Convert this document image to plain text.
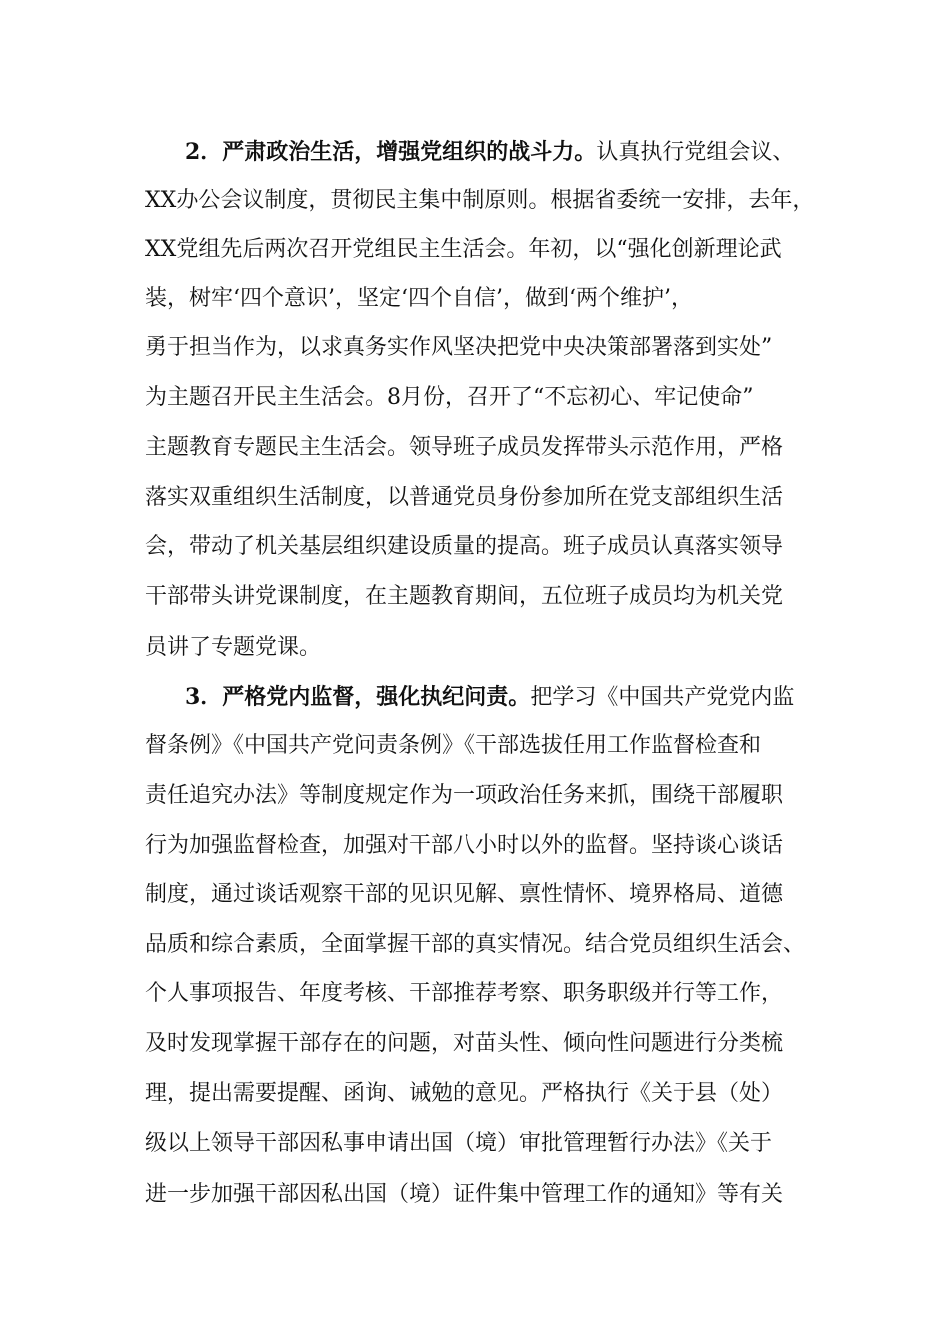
2．严肃政治生活，增强党组织的战斗力。认真执行党组会议、
XX办公会议制度，贯彻民主集中制原则。根据省委统一安排，去年，
XX党组先后两次召开党组民主生活会。年初，以“强化创新理论武
装，树牢‘四个意识’，坚定‘四个自信’，做到‘两个维护’，
勇于担当作为，以求真务实作风坚决把党中央决策部署落到实处”
为主题召开民主生活会。8月份，召开了“不忘初心、牢记使命”
主题教育专题民主生活会。领导班子成员发挥带头示范作用，严格
落实双重组织生活制度，以普通党员身份参加所在党支部组织生活
会，带动了机关基层组织建设质量的提高。班子成员认真落实领导
干部带头讲党课制度，在主题教育期间，五位班子成员均为机关党
员讲了专题党课。
3．严格党内监督，强化执纪问责。把学习《中国共产党党内监
督条例》《中国共产党问责条例》《干部选拔任用工作监督检查和
责任追究办法》等制度规定作为一项政治任务来抓，围绕干部履职
行为加强监督检查，加强对干部八小时以外的监督。坚持谈心谈话
制度，通过谈话观察干部的见识见解、禀性情怀、境界格局、道德
品质和综合素质，全面掌握干部的真实情况。结合党员组织生活会、
个人事项报告、年度考核、干部推荐考察、职务职级并行等工作，
及时发现掌握干部存在的问题，对苗头性、倾向性问题进行分类梳
理，提出需要提醒、函询、诫勉的意见。严格执行《关于县（处）
级以上领导干部因私事申请出国（境）审批管理暂行办法》《关于
进一步加强干部因私出国（境）证件集中管理工作的通知》等有关
